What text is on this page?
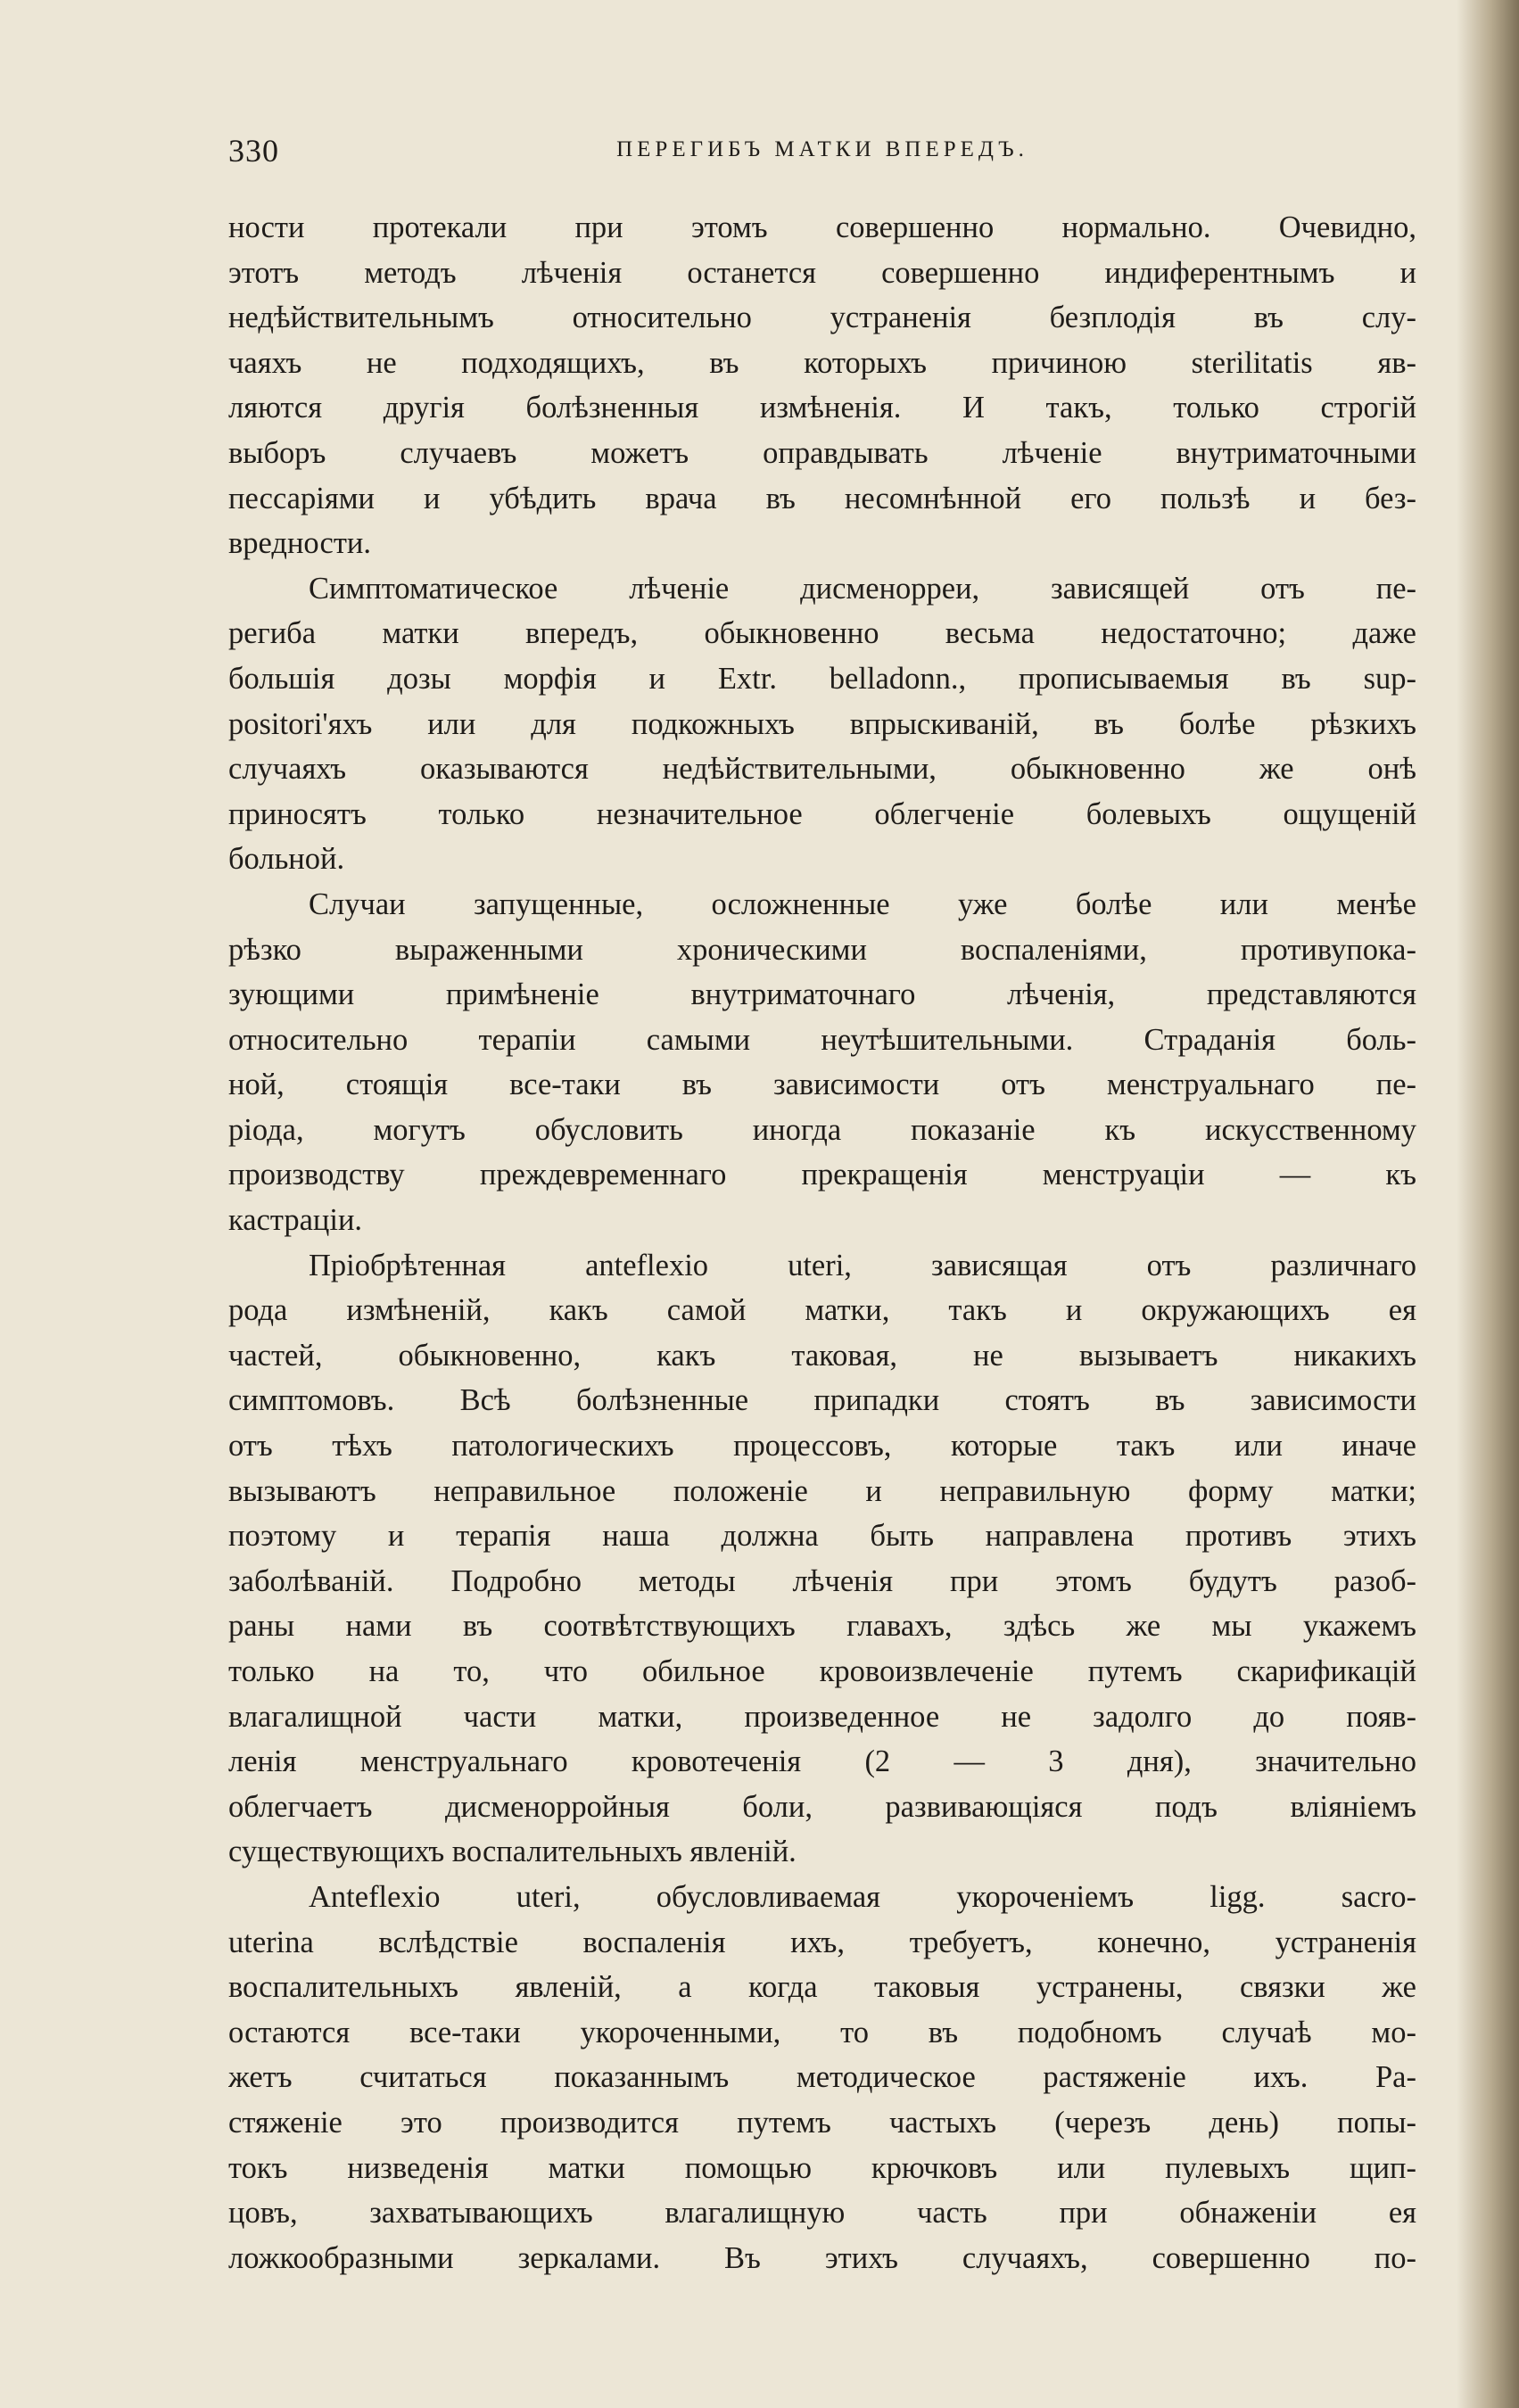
330	ПЕРЕГИБЪ МАТКИ ВПЕРЕДЪ.
ности протекали при этомъ совершенно нормально. Очевидно,
этотъ методъ лѣченія останется совершенно индиферентнымъ и
недѣйствительнымъ относительно устраненія безплодія въ слу-
чаяхъ не подходящихъ, въ которыхъ причиною sterilitatis яв-
ляются другія болѣзненныя измѣненія. И такъ, только строгій
выборъ случаевъ можетъ оправдывать лѣченіе внутриматочными
пессаріями и убѣдить врача въ несомнѣнной его пользѣ и без-
вредности.
Симптоматическое лѣченіе дисменорреи, зависящей отъ пе-
региба матки впередъ, обыкновенно весьма недостаточно; даже
большія дозы морфія и Extr. belladonn., прописываемыя въ sup-
positori'яхъ или для подкожныхъ впрыскиваній, въ болѣе рѣзкихъ
случаяхъ оказываются недѣйствительными, обыкновенно же онѣ
приносятъ только незначительное облегченіе болевыхъ ощущеній
больной.
Случаи запущенные, осложненные уже болѣе или менѣе
рѣзко выраженными хроническими воспаленіями, противупока-
зующими примѣненіе внутриматочнаго лѣченія, представляются
относительно терапіи самыми неутѣшительными. Страданія боль-
ной, стоящія все-таки въ зависимости отъ менструальнаго пе-
ріода, могутъ обусловить иногда показаніе къ искусственному
производству преждевременнаго прекращенія менструаціи — къ
кастраціи.
Пріобрѣтенная anteflexio uteri, зависящая отъ различнаго
рода измѣненій, какъ самой матки, такъ и окружающихъ ея
частей, обыкновенно, какъ таковая, не вызываетъ никакихъ
симптомовъ. Всѣ болѣзненные припадки стоятъ въ зависимости
отъ тѣхъ патологическихъ процессовъ, которые такъ или иначе
вызываютъ неправильное положеніе и неправильную форму матки;
поэтому и терапія наша должна быть направлена противъ этихъ
заболѣваній. Подробно методы лѣченія при этомъ будутъ разоб-
раны нами въ соотвѣтствующихъ главахъ, здѣсь же мы укажемъ
только на то, что обильное кровоизвлеченіе путемъ скарификацій
влагалищной части матки, произведенное не задолго до появ-
ленія менструальнаго кровотеченія (2 — 3 дня), значительно
облегчаетъ дисменорройныя боли, развивающіяся подъ вліяніемъ
существующихъ воспалительныхъ явленій.
Anteflexio uteri, обусловливаемая укороченіемъ ligg. sacro-
uterina вслѣдствіе воспаленія ихъ, требуетъ, конечно, устраненія
воспалительныхъ явленій, а когда таковыя устранены, связки же
остаются все-таки укороченными, то въ подобномъ случаѣ мо-
жетъ считаться показаннымъ методическое растяженіе ихъ. Ра-
стяженіе это производится путемъ частыхъ (черезъ день) попы-
токъ низведенія матки помощью крючковъ или пулевыхъ щип-
цовъ, захватывающихъ влагалищную часть при обнаженіи ея
ложкообразными зеркалами. Въ этихъ случаяхъ, совершенно по-
